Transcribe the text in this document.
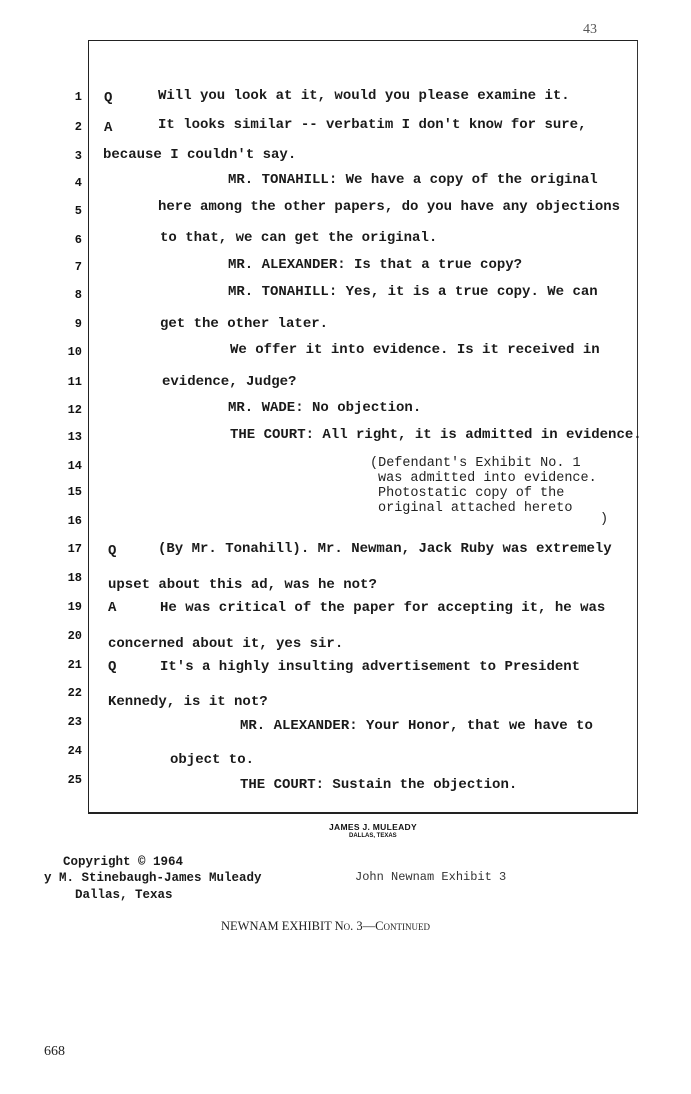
43
1
2
3
4
5
6
7
8
9
10
11
12
13
14
15
16
17
18
19
20
21
22
23
24
25
Q
A
Q
A
Q
Will you look at it, would you please examine it.
It looks similar -- verbatim I don't know for sure,
because I couldn't say.
MR. TONAHILL: We have a copy of the original
here among the other papers, do you have any objections
to that, we can get the original.
MR. ALEXANDER: Is that a true copy?
MR. TONAHILL: Yes, it is a true copy. We can
get the other later.
We offer it into evidence. Is it received in
evidence, Judge?
MR. WADE: No objection.
THE COURT: All right, it is admitted in evidence.
(Defendant's Exhibit No. 1
was admitted into evidence.
Photostatic copy of the
original attached hereto
)
(By Mr. Tonahill). Mr. Newman, Jack Ruby was extremely
upset about this ad, was he not?
He was critical of the paper for accepting it, he was
concerned about it, yes sir.
It's a highly insulting advertisement to President
Kennedy, is it not?
MR. ALEXANDER: Your Honor, that we have to
object to.
THE COURT: Sustain the objection.
JAMES J. MULEADY
DALLAS, TEXAS
Copyright © 1964
y M. Stinebaugh-James Muleady
Dallas, Texas
John Newnam Exhibit 3
NEWNAM EXHIBIT No. 3—Continued
668
